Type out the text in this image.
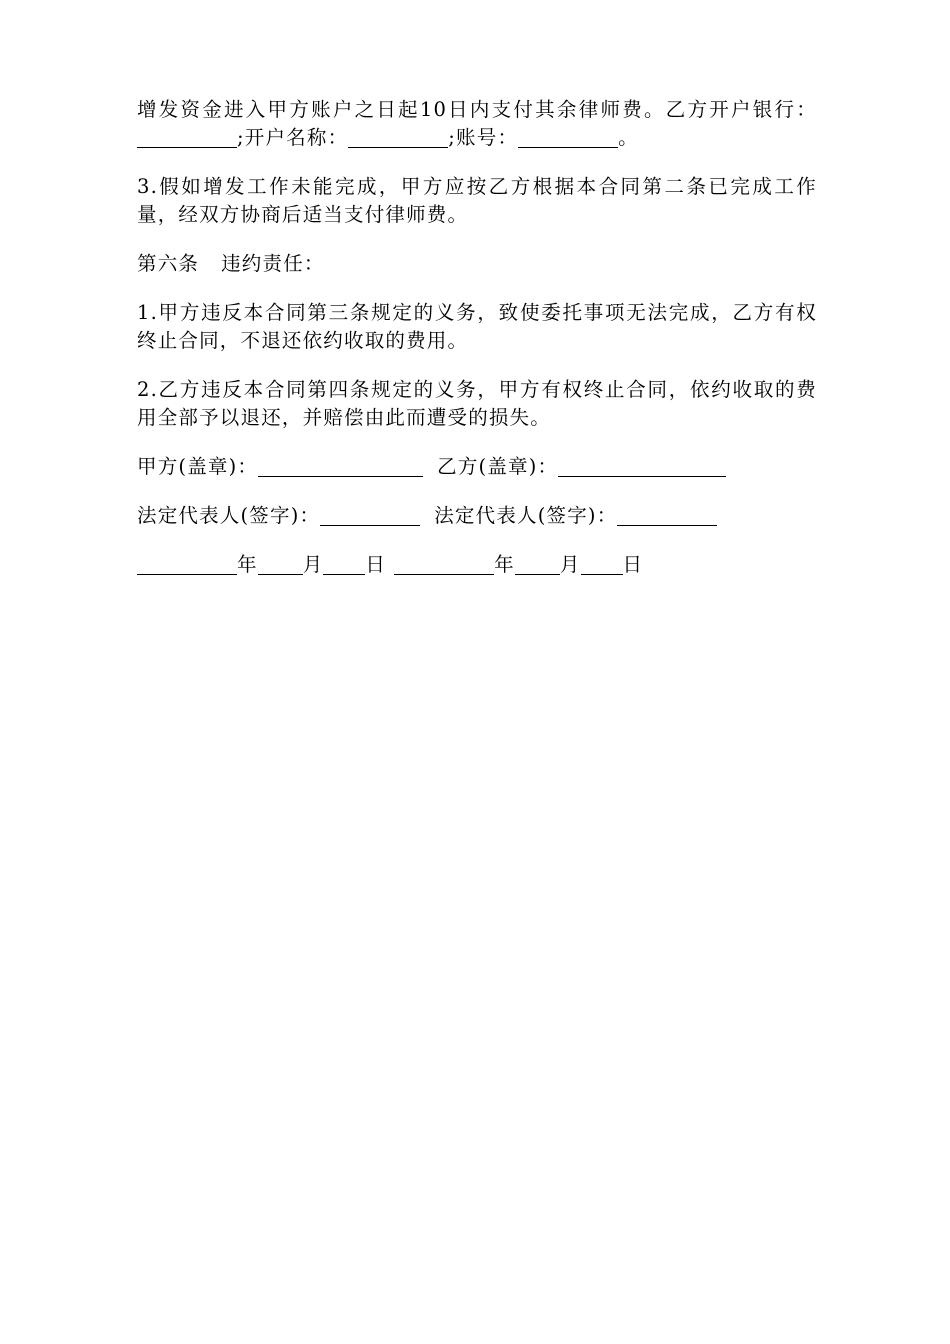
增发资金进入甲方账户之日起10日内支付其余律师费。乙方开户银行：;开户名称：	;账号：	。

3.假如增发工作未能完成，甲方应按乙方根据本合同第二条已完成工作量，经双方协商后适当支付律师费。

第六条 违约责任：

1.甲方违反本合同第三条规定的义务，致使委托事项无法完成，乙方有权终止合同，不退还依约收取的费用。

2.乙方违反本合同第四条规定的义务，甲方有权终止合同，依约收取的费用全部予以退还，并赔偿由此而遭受的损失。

甲方(盖章)：	乙方(盖章)：
法定代表人(签字)：	法定代表人(签字)：
年 月 日	年 月 日
